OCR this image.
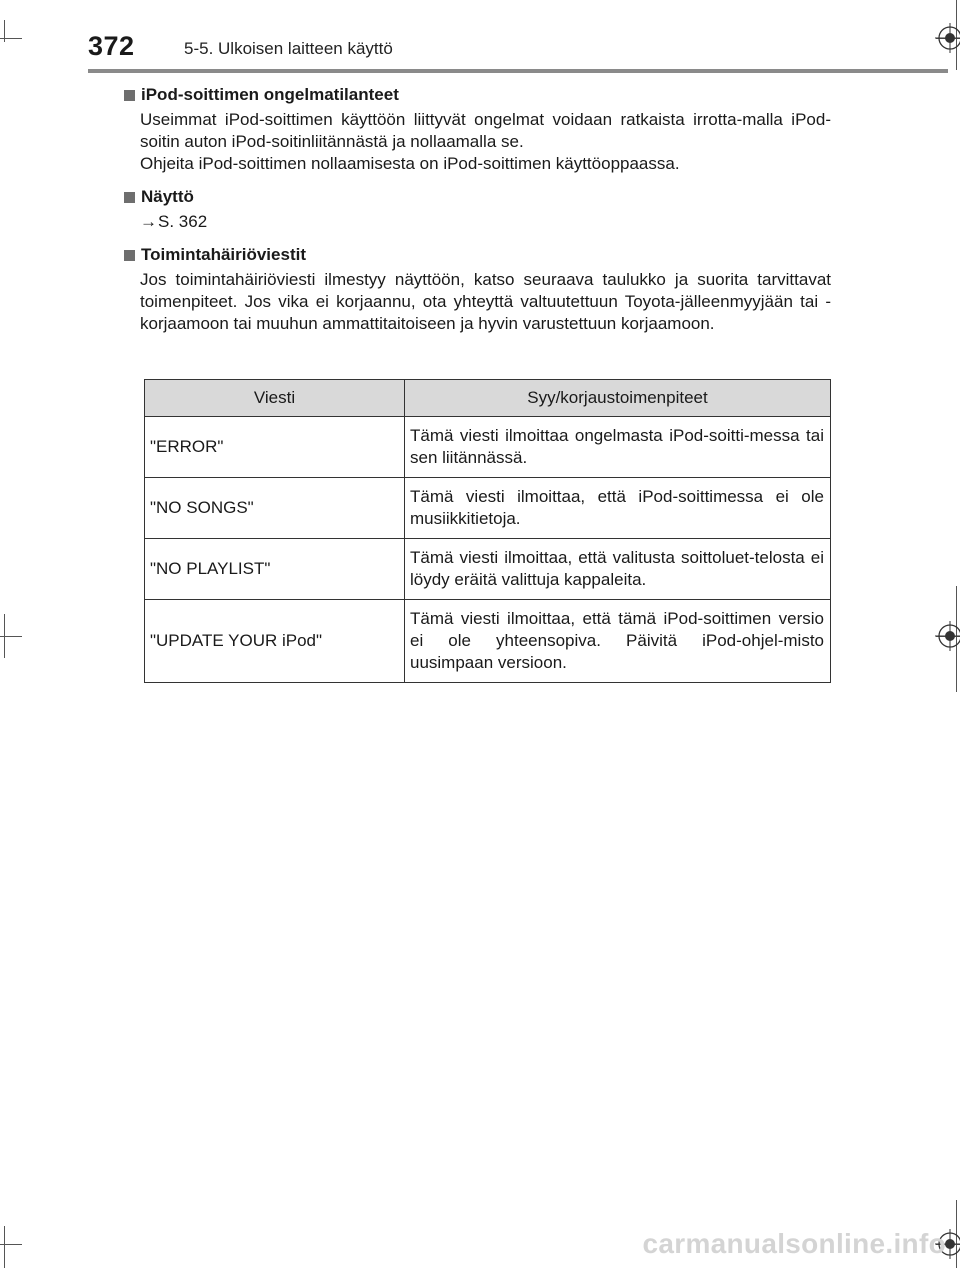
372	5-5. Ulkoisen laitteen käyttö
iPod-soittimen ongelmatilanteet

Useimmat iPod-soittimen käyttöön liittyvät ongelmat voidaan ratkaista irrotta-malla iPod-soitin auton iPod-soitinliitännästä ja nollaamalla se.

Ohjeita iPod-soittimen nollaamisesta on iPod-soittimen käyttöoppaassa.

Näyttö

→S. 362

Toimintahäiriöviestit

Jos toimintahäiriöviesti ilmestyy näyttöön, katso seuraava taulukko ja suorita tarvittavat toimenpiteet. Jos vika ei korjaannu, ota yhteyttä valtuutettuun Toyota-jälleenmyyjään tai -korjaamoon tai muuhun ammattitaitoiseen ja hyvin varustettuun korjaamoon.

Viesti	Syy/korjaustoimenpiteet
"ERROR"	Tämä viesti ilmoittaa ongelmasta iPod-soitti-messa tai sen liitännässä.
"NO SONGS"	Tämä viesti ilmoittaa, että iPod-soittimessa ei ole musiikkitietoja.
"NO PLAYLIST"	Tämä viesti ilmoittaa, että valitusta soittoluet-telosta ei löydy eräitä valittuja kappaleita.
"UPDATE YOUR iPod"	Tämä viesti ilmoittaa, että tämä iPod-soittimen versio ei ole yhteensopiva. Päivitä iPod-ohjel-misto uusimpaan versioon.
carmanualsonline.info
